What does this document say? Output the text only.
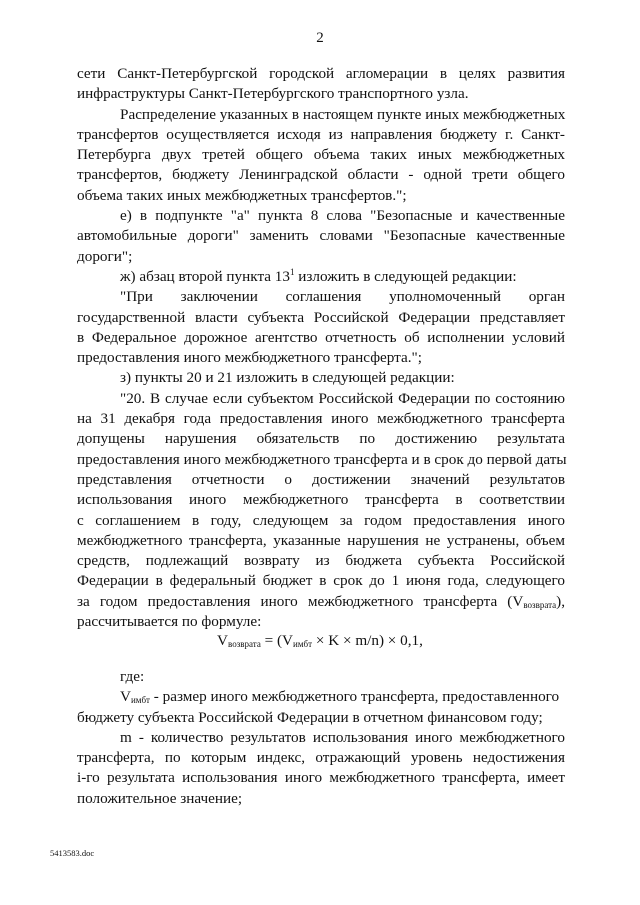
2
сети Санкт-Петербургской городской агломерации в целях развития
инфраструктуры Санкт-Петербургского транспортного узла.
Распределение указанных в настоящем пункте иных межбюджетных
трансфертов осуществляется исходя из направления бюджету г. Санкт-
Петербурга двух третей общего объема таких иных межбюджетных
трансфертов, бюджету Ленинградской области - одной трети общего
объема таких иных межбюджетных трансфертов.";
е) в подпункте "а" пункта 8 слова "Безопасные и качественные
автомобильные дороги" заменить словами "Безопасные качественные
дороги";
ж) абзац второй пункта $13^1$ изложить в следующей редакции:
"При заключении соглашения уполномоченный орган
государственной власти субъекта Российской Федерации представляет
в Федеральное дорожное агентство отчетность об исполнении условий
предоставления иного межбюджетного трансферта.";
з) пункты 20 и 21 изложить в следующей редакции:
"20. В случае если субъектом Российской Федерации по состоянию
на 31 декабря года предоставления иного межбюджетного трансферта
допущены нарушения обязательств по достижению результата
предоставления иного межбюджетного трансферта и в срок до первой даты
представления отчетности о достижении значений результатов
использования иного межбюджетного трансферта в соответствии
с соглашением в году, следующем за годом предоставления иного
межбюджетного трансферта, указанные нарушения не устранены, объем
средств, подлежащий возврату из бюджета субъекта Российской
Федерации в федеральный бюджет в срок до 1 июня года, следующего
за годом предоставления иного межбюджетного трансферта $(V_{возврата})$,
рассчитывается по формуле:
$V_{возврата} = (V_{имбт} \times K \times m/n) \times 0,1$,
где:
$V_{имбт}$ - размер иного межбюджетного трансферта, предоставленного
бюджету субъекта Российской Федерации в отчетном финансовом году;
m - количество результатов использования иного межбюджетного
трансферта, по которым индекс, отражающий уровень недостижения
i-го результата использования иного межбюджетного трансферта, имеет
положительное значение;
5413583.doc
